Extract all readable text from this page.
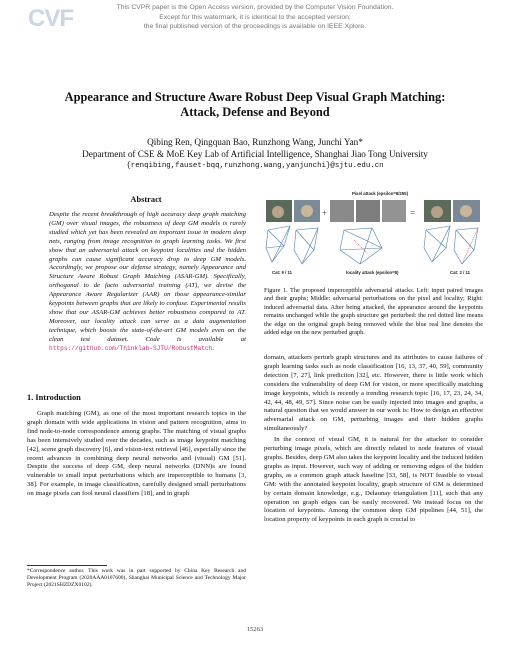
CVF	This CVPR paper is the Open Access version, provided by the Computer Vision Foundation.
Except for this watermark, it is identical to the accepted version;
the final published version of the proceedings is available on IEEE Xplore.
Appearance and Structure Aware Robust Deep Visual Graph Matching:
Attack, Defense and Beyond
Qibing Ren, Qingquan Bao, Runzhong Wang, Junchi Yan*
Department of CSE & MoE Key Lab of Artificial Intelligence, Shanghai Jiao Tong University
{renqibing,fauset-bqq,runzhong.wang,yanjunchi}@sjtu.edu.cn
Abstract
Despite the recent breakthrough of high accuracy deep graph matching (GM) over visual images, the robustness of deep GM models is rarely studied which yet has been revealed an important issue in modern deep nets, ranging from image recognition to graph learning tasks. We first show that an adversarial attack on keypoint localities and the hidden graphs can cause significant accuracy drop to deep GM models. Accordingly, we propose our defense strategy, namely Appearance and Structure Aware Robust Graph Matching (ASAR-GM). Specifically, orthogonal to de facto adversarial training (AT), we devise the Appearance Aware Regularizer (AAR) on those appearance-similar keypoints between graphs that are likely to confuse. Experimental results show that our ASAR-GM achieves better robustness compared to AT. Moreover, our locality attack can serve as a data augmentation technique, which boosts the state-of-the-art GM models even on the clean test dataset. Code is available at https://github.com/Thinklab-SJTU/RobustMatch.
1. Introduction

Graph matching (GM), as one of the most important research topics in the graph domain with wide applications in vision and pattern recognition, aims to find node-to-node correspondence among graphs. The matching of visual graphs has been intensively studied over the decades, such as image keypoint matching [42], scene graph discovery [6], and vision-text retrieval [46], especially since the recent advances in combining deep neural networks and (visual) GM [51]. Despite the success of deep GM, deep neural networks (DNN)s are found vulnerable to small input perturbations which are imperceptible to humans [3, 38]. For example, in image classification, carefully designed small perturbations on image pixels can fool neural classifiers [18], and in graph

*Correspondence author. This work was in part supported by China Key Research and Development Program (2020AAA0107600), Shanghai Municipal Science and Technology Major Project (2021SHZDZX0102).
Pixel attack (epsilon=8/255)
+	=
Cat: 9 / 11	locality attack (epsilon=8)	Cat: 2 / 11
Figure 1. The proposed imperceptible adversarial attacks. Left: input paired images and their graphs; Middle: adversarial perturbations on the pixel and locality; Right: induced adversarial data. After being attacked, the appearance around the keypoints remains unchanged while the graph structure get perturbed: the red dotted line means the edge on the original graph being removed while the blue real line denotes the added edge on the new perturbed graph.

domain, attackers perturb graph structures and its attributes to cause failures of graph learning tasks such as node classification [16, 13, 37, 40, 59], community detection [7, 27], link prediction [32], etc. However, there is little work which considers the vulnerability of deep GM for vision, or more specifically matching image keypoints, which is recently a trending research topic [16, 17, 23, 24, 34, 42, 44, 48, 49, 57]. Since noise can be easily injected into images and graphs, a natural question that we would answer in our work is: How to design an effective adversarial attack on GM, perturbing images and their hidden graphs simultaneously?

In the context of visual GM, it is natural for the attacker to consider perturbing image pixels, which are directly related to node features of visual graphs. Besides, deep GM also takes the keypoint locality and the induced hidden graphs as input. However, such way of adding or removing edges of the hidden graphs, as a common graph attack baseline [33, 58], is NOT feasible to visual GM: with the annotated keypoint locality, graph structure of GM is determined by certain domain knowledge, e.g., Delaunay triangulation [11], such that any operation on graph edges can be easily recovered. We instead focus on the location of keypoints. Among the common deep GM pipelines [44, 51], the location property of keypoints in each graph is crucial to

15263
